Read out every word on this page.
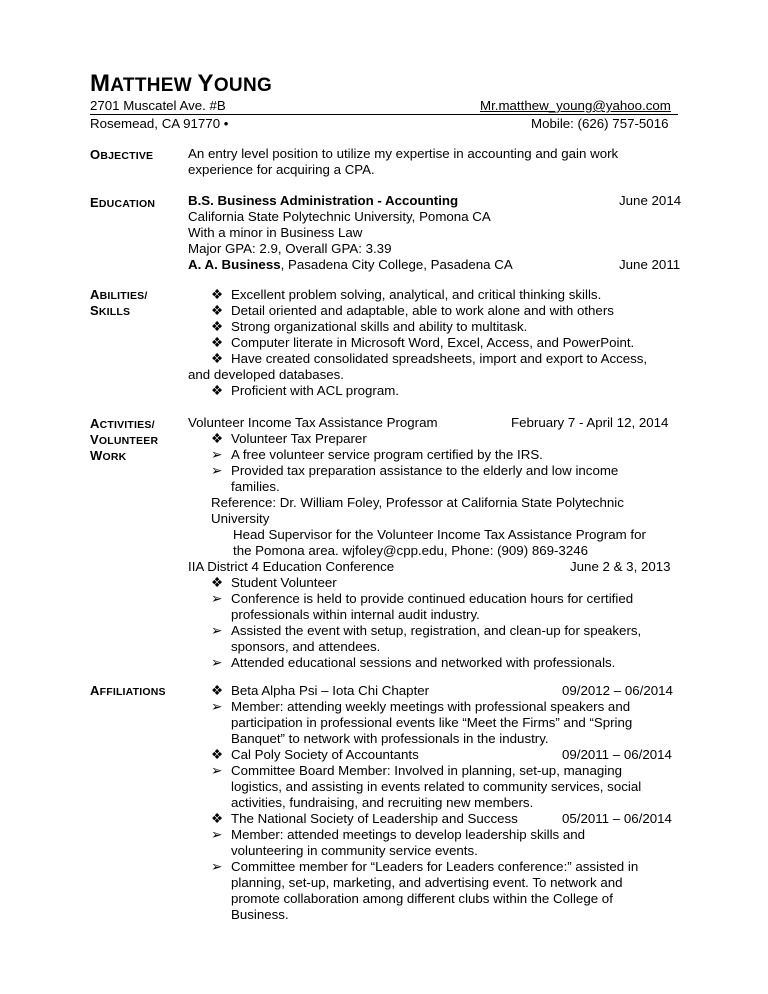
MATTHEW YOUNG
2701 Muscatel Ave. #B	Mr.matthew_young@yahoo.com
Rosemead, CA 91770 •	Mobile: (626) 757-5016
OBJECTIVE	An entry level position to utilize my expertise in accounting and gain work
experience for acquiring a CPA.
EDUCATION B.S. Business Administration - Accounting	June 2014
California State Polytechnic University, Pomona CA
With a minor in Business Law
Major GPA: 2.9, Overall GPA: 3.39
A. A. Business, Pasadena City College, Pasadena CA	June 2011
ABILITIES/
SKILLS
❖ Excellent problem solving, analytical, and critical thinking skills.
❖ Detail oriented and adaptable, able to work alone and with others
❖ Strong organizational skills and ability to multitask.
❖ Computer literate in Microsoft Word, Excel, Access, and PowerPoint.
❖ Have created consolidated spreadsheets, import and export to Access,
and developed databases.
❖ Proficient with ACL program.
ACTIVITIES/
VOLUNTEER
WORK
Volunteer Income Tax Assistance Program	February 7 - April 12, 2014
❖ Volunteer Tax Preparer
➢ A free volunteer service program certified by the IRS.
➢ Provided tax preparation assistance to the elderly and low income
families.
Reference: Dr. William Foley, Professor at California State Polytechnic
University
Head Supervisor for the Volunteer Income Tax Assistance Program for
the Pomona area. wjfoley@cpp.edu, Phone: (909) 869-3246
IIA District 4 Education Conference	June 2 & 3, 2013
❖ Student Volunteer
➢ Conference is held to provide continued education hours for certified
professionals within internal audit industry.
➢ Assisted the event with setup, registration, and clean-up for speakers,
sponsors, and attendees.
➢ Attended educational sessions and networked with professionals.
AFFILIATIONS	❖ Beta Alpha Psi – Iota Chi Chapter	09/2012 – 06/2014
➢ Member: attending weekly meetings with professional speakers and
participation in professional events like “Meet the Firms” and “Spring
Banquet” to network with professionals in the industry.
❖ Cal Poly Society of Accountants	09/2011 – 06/2014
➢ Committee Board Member: Involved in planning, set-up, managing
logistics, and assisting in events related to community services, social
activities, fundraising, and recruiting new members.
❖ The National Society of Leadership and Success	05/2011 – 06/2014
➢ Member: attended meetings to develop leadership skills and
volunteering in community service events.
➢ Committee member for “Leaders for Leaders conference:” assisted in
planning, set-up, marketing, and advertising event. To network and
promote collaboration among different clubs within the College of
Business.
